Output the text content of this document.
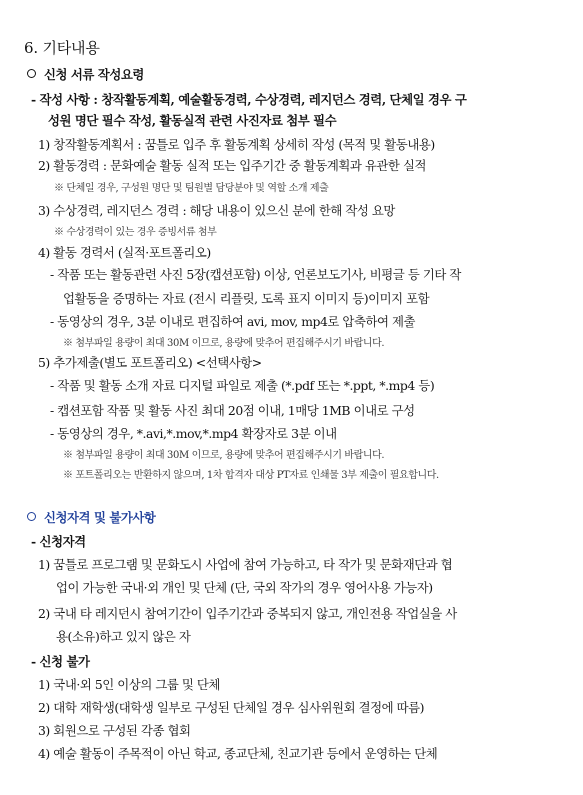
6. 기타내용
신청 서류 작성요령
- 작성 사항 : 창작활동계획, 예술활동경력, 수상경력, 레지던스 경력, 단체일 경우 구
성원 명단 필수 작성, 활동실적 관련 사진자료 첨부 필수
1) 창작활동계획서 : 꿈틀로 입주 후 활동계획 상세히 작성 (목적 및 활동내용)
2) 활동경력 : 문화예술 활동 실적 또는 입주기간 중 활동계획과 유관한 실적
※ 단체일 경우, 구성원 명단 및 팀원별 담당분야 및 역할 소개 제출
3) 수상경력, 레지던스 경력 : 해당 내용이 있으신 분에 한해 작성 요망
※ 수상경력이 있는 경우 증빙서류 첨부
4) 활동 경력서 (실적·포트폴리오)
- 작품 또는 활동관련 사진 5장(캡션포함) 이상, 언론보도기사, 비평글 등 기타 작
업활동을 증명하는 자료 (전시 리플릿, 도록 표지 이미지 등)이미지 포함
- 동영상의 경우, 3분 이내로 편집하여 avi, mov, mp4로 압축하여 제출
※ 첨부파일 용량이 최대 30M 이므로, 용량에 맞추어 편집해주시기 바랍니다.
5) 추가제출(별도 포트폴리오) <선택사항>
- 작품 및 활동 소개 자료 디지털 파일로 제출 (*.pdf 또는 *.ppt, *.mp4 등)
- 캡션포함 작품 및 활동 사진 최대 20점 이내, 1매당 1MB 이내로 구성
- 동영상의 경우, *.avi,*.mov,*.mp4 확장자로 3분 이내
※ 첨부파일 용량이 최대 30M 이므로, 용량에 맞추어 편집해주시기 바랍니다.
※ 포트폴리오는 반환하지 않으며, 1차 합격자 대상 PT자료 인쇄물 3부 제출이 필요합니다.
신청자격 및 불가사항
- 신청자격
1) 꿈틀로 프로그램 및 문화도시 사업에 참여 가능하고, 타 작가 및 문화재단과 협
업이 가능한 국내·외 개인 및 단체 (단, 국외 작가의 경우 영어사용 가능자)
2) 국내 타 레지던시 참여기간이 입주기간과 중복되지 않고, 개인전용 작업실을 사
용(소유)하고 있지 않은 자
- 신청 불가
1) 국내·외 5인 이상의 그룹 및 단체
2) 대학 재학생(대학생 일부로 구성된 단체일 경우 심사위원회 결정에 따름)
3) 회원으로 구성된 각종 협회
4) 예술 활동이 주목적이 아닌 학교, 종교단체, 친교기관 등에서 운영하는 단체
